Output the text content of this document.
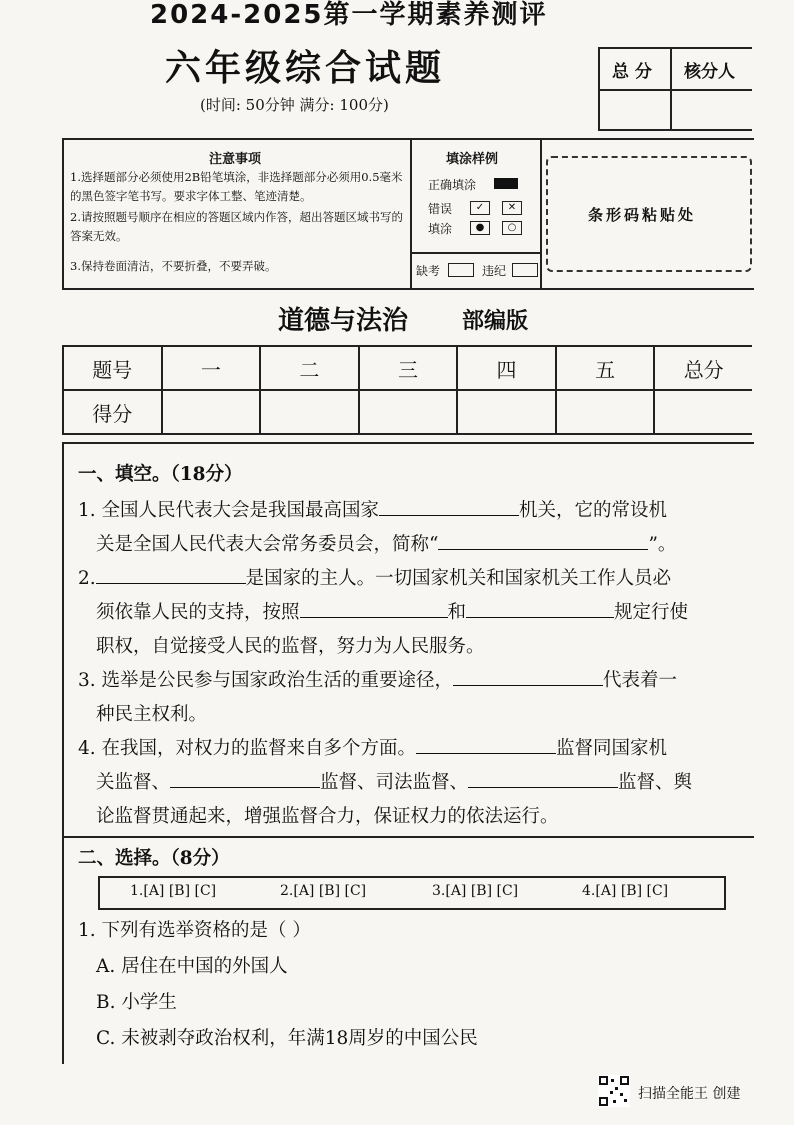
2024-2025第一学期素养测评
六年级综合试题
(时间: 50分钟 满分: 100分)
总 分 核分人
注意事项
1.选择题部分必须使用2B铅笔填涂，非选择题部分必须用0.5毫米的黑色签字笔书写。要求字体工整、笔迹清楚。
2.请按照题号顺序在相应的答题区域内作答，超出答题区域书写的答案无效。
3.保持卷面清洁，不要折叠，不要弄破。
填涂样例
正确填涂
错误
填涂
✓	✕
●	○
缺考	违纪
条形码粘贴处
道德与法治 部编版
题号	一	二	三	四	五	总分
得分						
一、填空。（18分）
1. 全国人民代表大会是我国最高国家	机关，它的常设机
关是全国人民代表大会常务委员会，简称“	”。
2.	是国家的主人。一切国家机关和国家机关工作人员必
须依靠人民的支持，按照	和	规定行使
职权，自觉接受人民的监督，努力为人民服务。
3. 选举是公民参与国家政治生活的重要途径，	代表着一
种民主权利。
4. 在我国，对权力的监督来自多个方面。	监督同国家机
关监督、	监督、司法监督、	监督、舆
论监督贯通起来，增强监督合力，保证权力的依法运行。
二、选择。（8分）
1.[A] [B] [C]	2.[A] [B] [C]	3.[A] [B] [C]	4.[A] [B] [C]
1. 下列有选举资格的是（ ）
A. 居住在中国的外国人
B. 小学生
C. 未被剥夺政治权利，年满18周岁的中国公民
扫描全能王 创建
